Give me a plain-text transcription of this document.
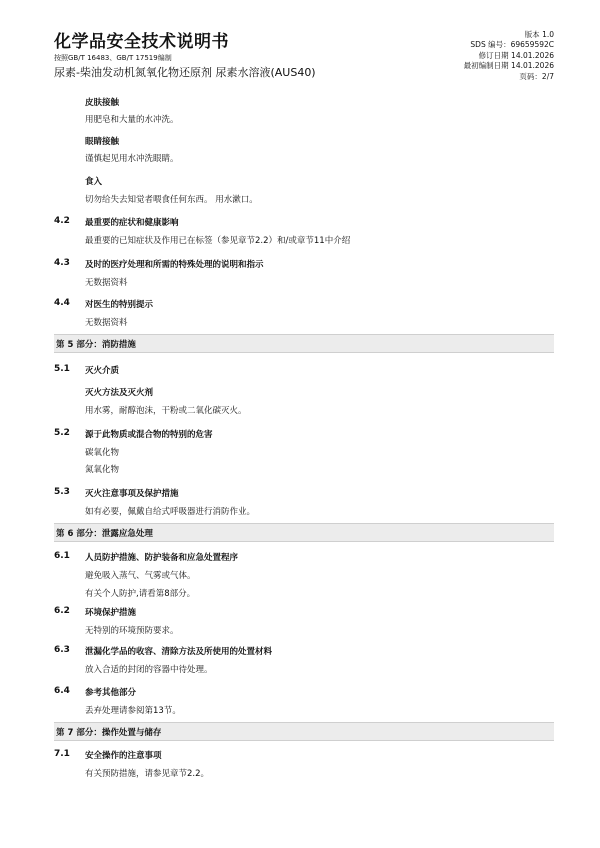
化学品安全技术说明书
按照GB/T 16483、GB/T 17519编制
尿素-柴油发动机氮氧化物还原剂 尿素水溶液(AUS40)
版本 1.0
SDS 编号：69659592C
修订日期 14.01.2026
最初编制日期 14.01.2026
页码：2/7
皮肤接触
用肥皂和大量的水冲洗。
眼睛接触
谨慎起见用水冲洗眼睛。
食入
切勿给失去知觉者喂食任何东西。 用水漱口。
4.2 最重要的症状和健康影响
最重要的已知症状及作用已在标签（参见章节2.2）和/或章节11中介绍
4.3 及时的医疗处理和所需的特殊处理的说明和指示
无数据资料
4.4 对医生的特别提示
无数据资料
第 5 部分：消防措施
5.1 灭火介质
灭火方法及灭火剂
用水雾，耐醇泡沫，干粉或二氧化碳灭火。
5.2 源于此物质或混合物的特别的危害
碳氧化物
氮氧化物
5.3 灭火注意事项及保护措施
如有必要，佩戴自给式呼吸器进行消防作业。
第 6 部分：泄露应急处理
6.1 人员防护措施、防护装备和应急处置程序
避免吸入蒸气、气雾或气体。
有关个人防护,请看第8部分。
6.2 环境保护措施
无特别的环境预防要求。
6.3 泄漏化学品的收容、清除方法及所使用的处置材料
放入合适的封闭的容器中待处理。
6.4 参考其他部分
丢弃处理请参阅第13节。
第 7 部分：操作处置与储存
7.1 安全操作的注意事项
有关预防措施，请参见章节2.2。
